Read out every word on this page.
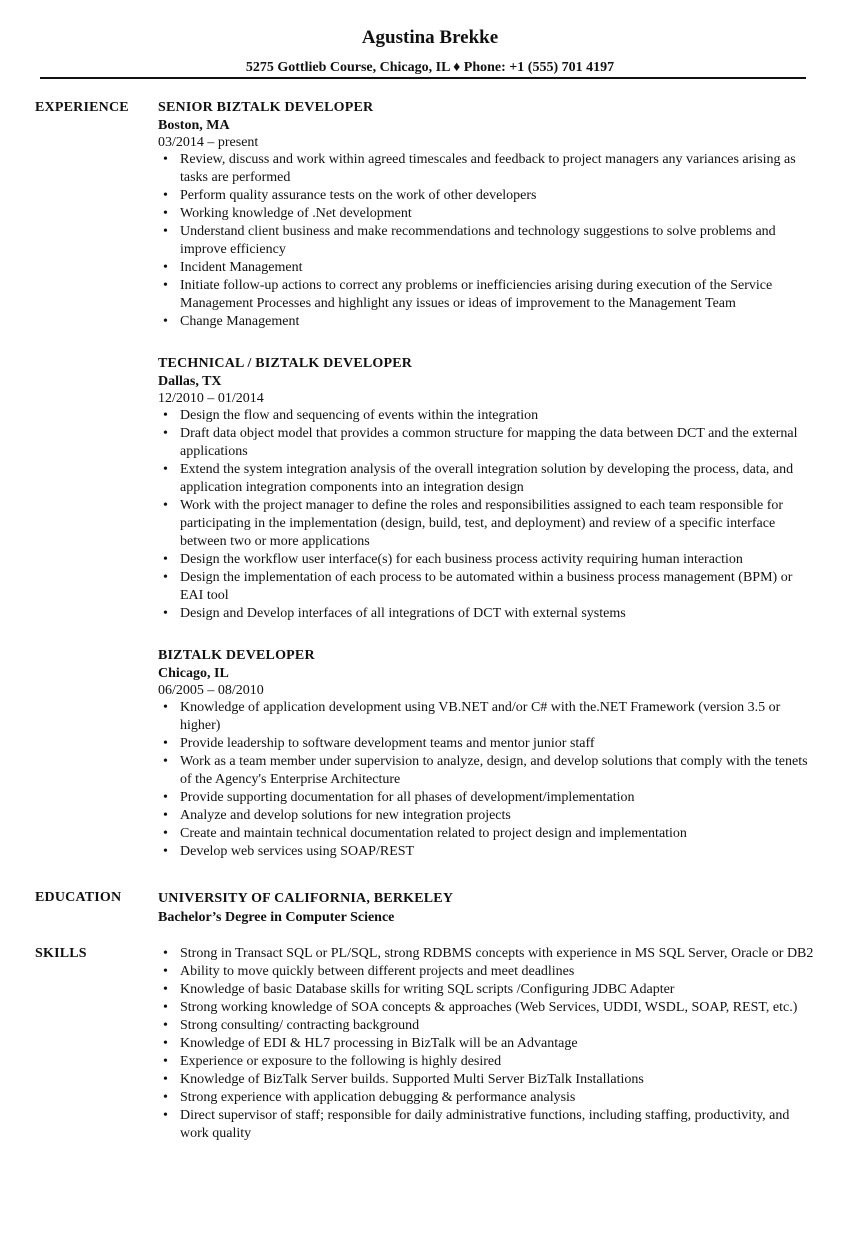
Agustina Brekke
5275 Gottlieb Course, Chicago, IL ♦ Phone: +1 (555) 701 4197
EXPERIENCE SENIOR BIZTALK DEVELOPER
Boston, MA
03/2014 – present
• Review, discuss and work within agreed timescales and feedback to project managers any variances arising as tasks are performed
• Perform quality assurance tests on the work of other developers
• Working knowledge of .Net development
• Understand client business and make recommendations and technology suggestions to solve problems and improve efficiency
• Incident Management
• Initiate follow-up actions to correct any problems or inefficiencies arising during execution of the Service Management Processes and highlight any issues or ideas of improvement to the Management Team
• Change Management
TECHNICAL / BIZTALK DEVELOPER
Dallas, TX
12/2010 – 01/2014
• Design the flow and sequencing of events within the integration
• Draft data object model that provides a common structure for mapping the data between DCT and the external applications
• Extend the system integration analysis of the overall integration solution by developing the process, data, and application integration components into an integration design
• Work with the project manager to define the roles and responsibilities assigned to each team responsible for participating in the implementation (design, build, test, and deployment) and review of a specific interface between two or more applications
• Design the workflow user interface(s) for each business process activity requiring human interaction
• Design the implementation of each process to be automated within a business process management (BPM) or EAI tool
• Design and Develop interfaces of all integrations of DCT with external systems
BIZTALK DEVELOPER
Chicago, IL
06/2005 – 08/2010
• Knowledge of application development using VB.NET and/or C# with the.NET Framework (version 3.5 or higher)
• Provide leadership to software development teams and mentor junior staff
• Work as a team member under supervision to analyze, design, and develop solutions that comply with the tenets of the Agency's Enterprise Architecture
• Provide supporting documentation for all phases of development/implementation
• Analyze and develop solutions for new integration projects
• Create and maintain technical documentation related to project design and implementation
• Develop web services using SOAP/REST
EDUCATION	UNIVERSITY OF CALIFORNIA, BERKELEY
Bachelor’s Degree in Computer Science
SKILLS
•	Strong in Transact SQL or PL/SQL, strong RDBMS concepts with experience in MS SQL Server, Oracle or DB2
• Ability to move quickly between different projects and meet deadlines
• Knowledge of basic Database skills for writing SQL scripts /Configuring JDBC Adapter
• Strong working knowledge of SOA concepts & approaches (Web Services, UDDI, WSDL, SOAP, REST, etc.)
• Strong consulting/ contracting background
• Knowledge of EDI & HL7 processing in BizTalk will be an Advantage
• Experience or exposure to the following is highly desired
• Knowledge of BizTalk Server builds. Supported Multi Server BizTalk Installations
• Strong experience with application debugging & performance analysis
• Direct supervisor of staff; responsible for daily administrative functions, including staffing, productivity, and work quality
